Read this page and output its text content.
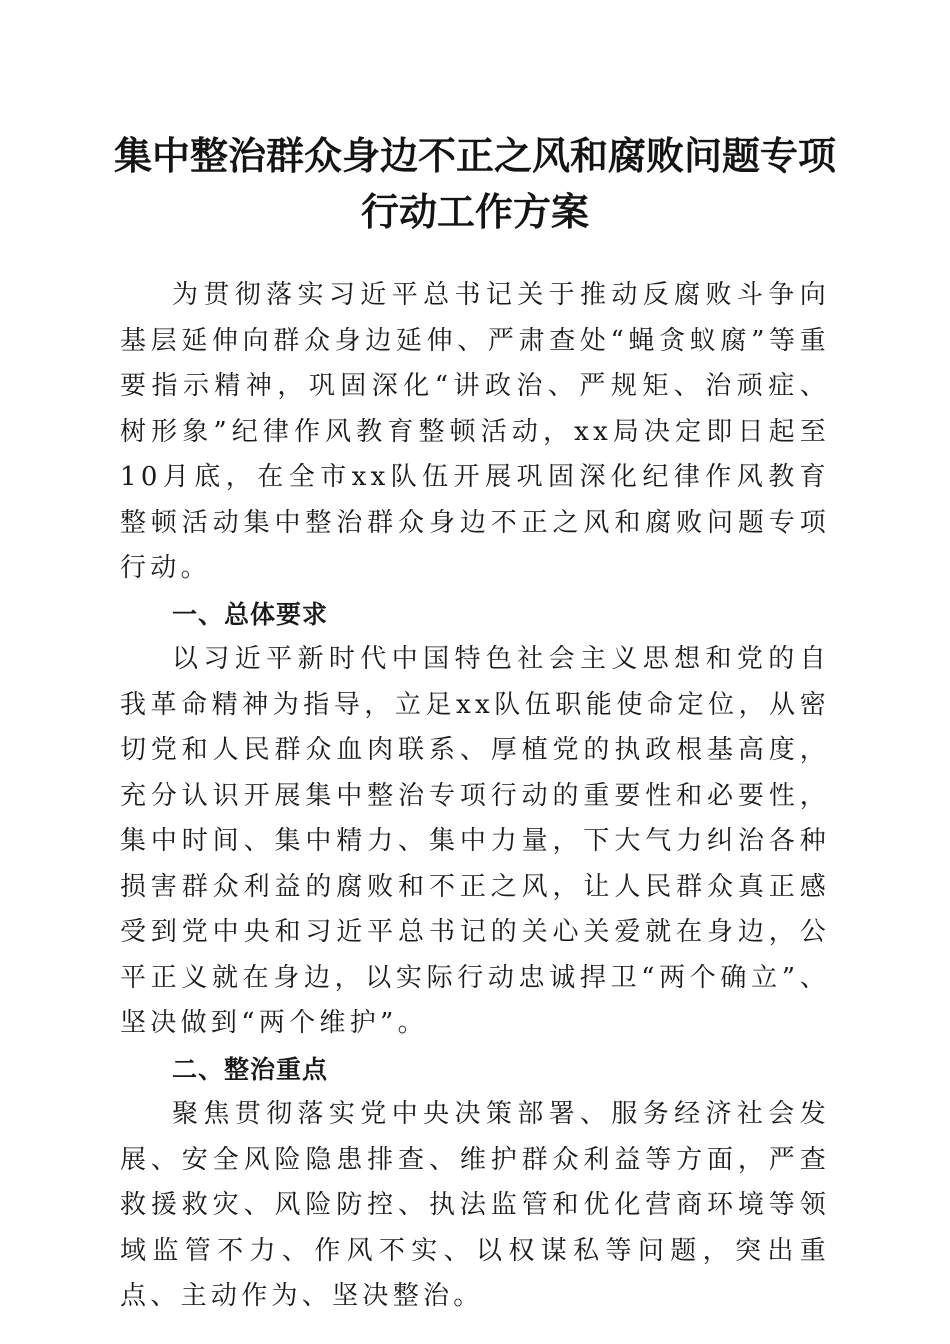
集中整治群众身边不正之风和腐败问题专项行动工作方案

为贯彻落实习近平总书记关于推动反腐败斗争向基层延伸向群众身边延伸、严肃查处“蝇贪蚁腐”等重要指示精神，巩固深化“讲政治、严规矩、治顽症、树形象”纪律作风教育整顿活动，xx局决定即日起至10月底，在全市xx队伍开展巩固深化纪律作风教育整顿活动集中整治群众身边不正之风和腐败问题专项行动。

一、总体要求

以习近平新时代中国特色社会主义思想和党的自我革命精神为指导，立足xx队伍职能使命定位，从密切党和人民群众血肉联系、厚植党的执政根基高度，充分认识开展集中整治专项行动的重要性和必要性，集中时间、集中精力、集中力量，下大气力纠治各种损害群众利益的腐败和不正之风，让人民群众真正感受到党中央和习近平总书记的关心关爱就在身边，公平正义就在身边，以实际行动忠诚捍卫“两个确立”、坚决做到“两个维护”。

二、整治重点

聚焦贯彻落实党中央决策部署、服务经济社会发展、安全风险隐患排查、维护群众利益等方面，严查救援救灾、风险防控、执法监管和优化营商环境等领域监管不力、作风不实、以权谋私等问题，突出重点、主动作为、坚决整治。
